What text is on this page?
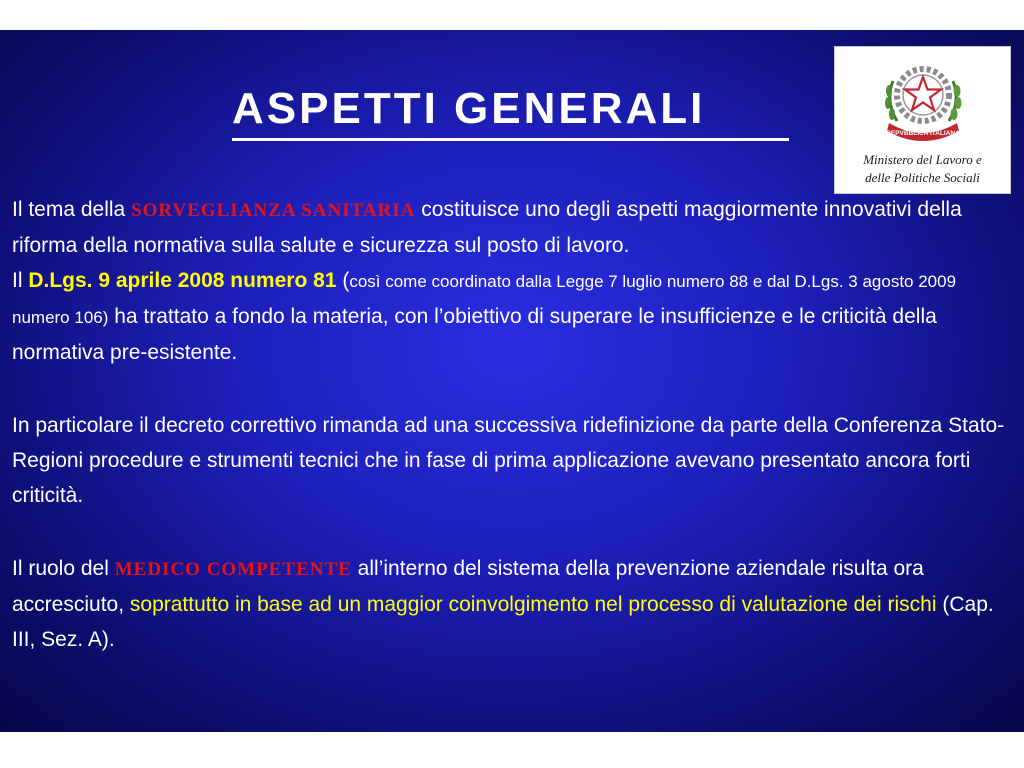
ASPETTI GENERALI
REPVBBLICA ITALIANA
Ministero del Lavoro e
delle Politiche Sociali

Il tema della SORVEGLIANZA SANITARIA costituisce uno degli aspetti maggiormente innovativi della riforma della normativa sulla salute e sicurezza sul posto di lavoro.

Il D.Lgs. 9 aprile 2008 numero 81 (così come coordinato dalla Legge 7 luglio numero 88 e dal D.Lgs. 3 agosto 2009 numero 106) ha trattato a fondo la materia, con l’obiettivo di superare le insufficienze e le criticità della normativa pre-esistente.

In particolare il decreto correttivo rimanda ad una successiva ridefinizione da parte della Conferenza Stato-Regioni procedure e strumenti tecnici che in fase di prima applicazione avevano presentato ancora forti criticità.

Il ruolo del MEDICO COMPETENTE all’interno del sistema della prevenzione aziendale risulta ora accresciuto, soprattutto in base ad un maggior coinvolgimento nel processo di valutazione dei rischi (Cap. III, Sez. A).
